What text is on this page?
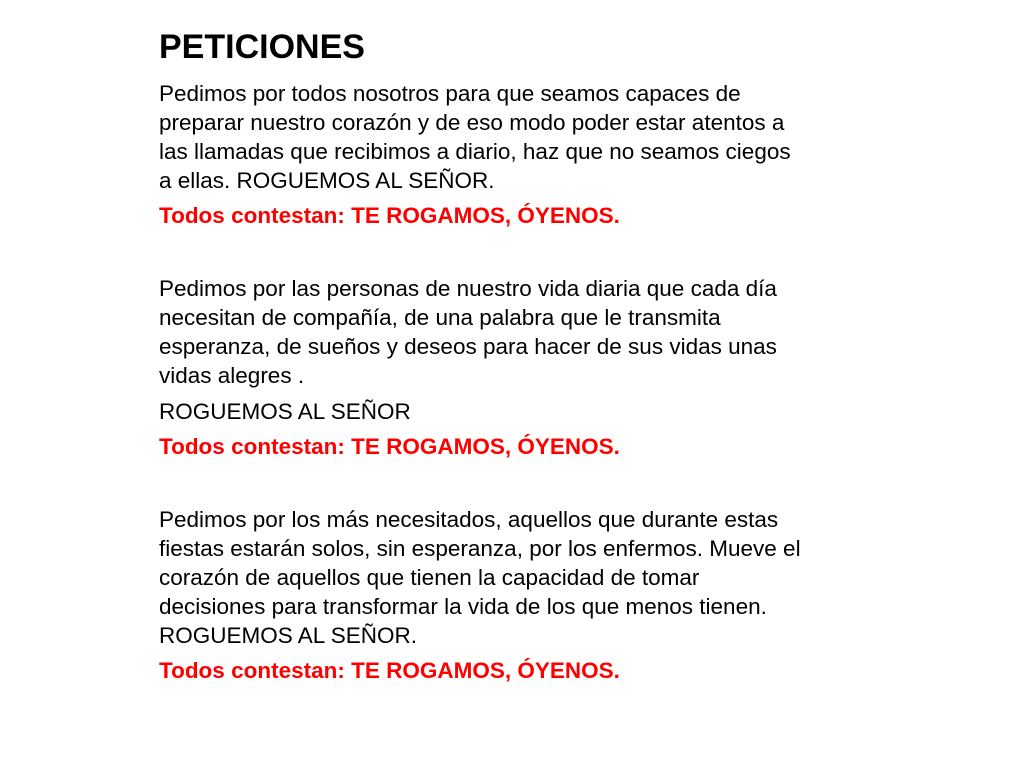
PETICIONES

Pedimos por todos nosotros para que seamos capaces de

preparar nuestro corazón y de eso modo poder estar atentos a

las llamadas que recibimos a diario, haz que no seamos ciegos

a ellas. ROGUEMOS AL SEÑOR.

Todos contestan: TE ROGAMOS, ÓYENOS.

Pedimos por las personas de nuestro vida diaria que cada día

necesitan de compañía, de una palabra que le transmita

esperanza, de sueños y deseos para hacer de sus vidas unas

vidas alegres .

ROGUEMOS AL SEÑOR

Todos contestan: TE ROGAMOS, ÓYENOS.

Pedimos por los más necesitados, aquellos que durante estas

fiestas estarán solos, sin esperanza, por los enfermos. Mueve el

corazón de aquellos que tienen la capacidad de tomar

decisiones para transformar la vida de los que menos tienen.

ROGUEMOS AL SEÑOR.

Todos contestan: TE ROGAMOS, ÓYENOS.
